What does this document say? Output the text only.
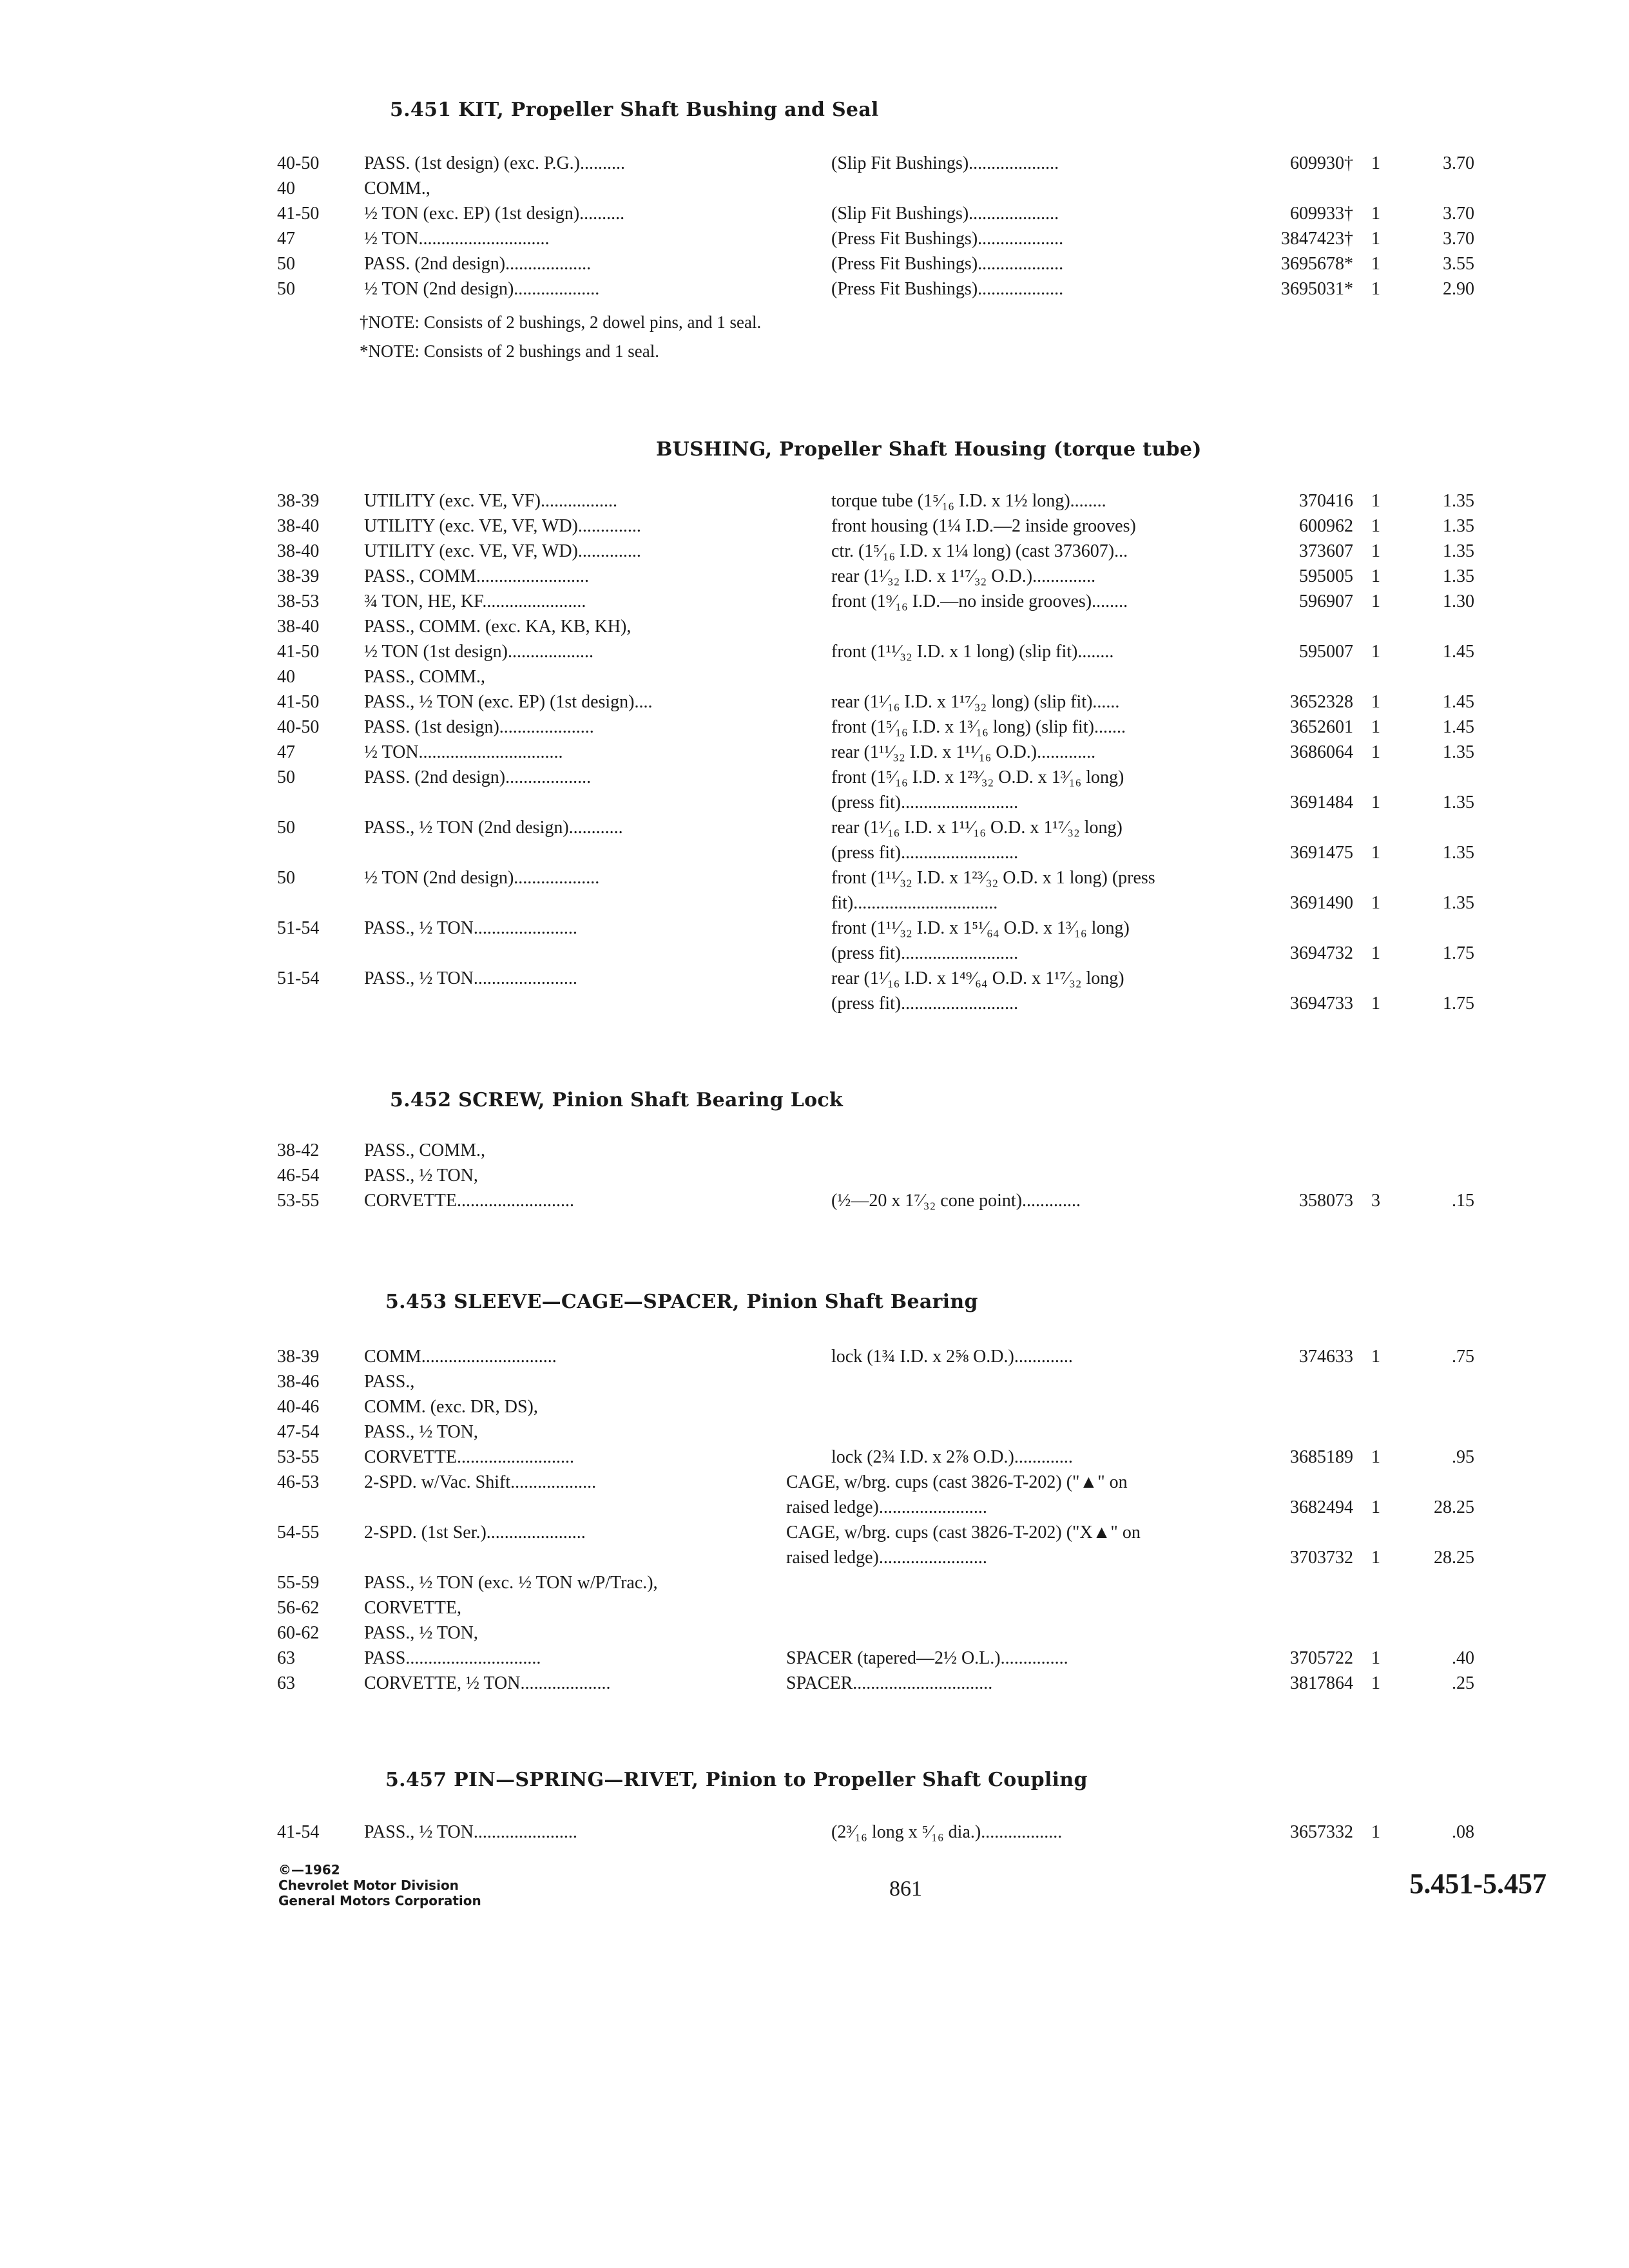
5.451 KIT, Propeller Shaft Bushing and Seal
40-50 PASS. (1st design) (exc. P.G.)..........	(Slip Fit Bushings)....................	609930† 1	3.70
40	COMM.,
41-50 ½ TON (exc. EP) (1st design)..........	(Slip Fit Bushings)....................	609933† 1	3.70
47	½ TON.............................	(Press Fit Bushings)...................	3847423† 1	3.70
50	PASS. (2nd design)...................	(Press Fit Bushings)...................	3695678* 1	3.55
50	½ TON (2nd design)...................	(Press Fit Bushings)...................	3695031* 1	2.90
†NOTE: Consists of 2 bushings, 2 dowel pins, and 1 seal.
*NOTE: Consists of 2 bushings and 1 seal.
BUSHING, Propeller Shaft Housing (torque tube)
38-39 UTILITY (exc. VE, VF).................	torque tube (1⁵⁄₁₆ I.D. x 1½ long)........	370416 1	1.35
38-40 UTILITY (exc. VE, VF, WD)..............	front housing (1¼ I.D.—2 inside grooves)	600962 1	1.35
38-40 UTILITY (exc. VE, VF, WD)..............	ctr. (1⁵⁄₁₆ I.D. x 1¼ long) (cast 373607)...	373607 1	1.35
38-39 PASS., COMM.........................	rear (1¹⁄₃₂ I.D. x 1¹⁷⁄₃₂ O.D.)..............	595005 1	1.35
38-53 ¾ TON, HE, KF.......................	front (1⁹⁄₁₆ I.D.—no inside grooves)........	596907 1	1.30
38-40 PASS., COMM. (exc. KA, KB, KH),
41-50 ½ TON (1st design)...................	front (1¹¹⁄₃₂ I.D. x 1 long) (slip fit)........	595007 1	1.45
40	PASS., COMM.,
41-50 PASS., ½ TON (exc. EP) (1st design)....	rear (1¹⁄₁₆ I.D. x 1¹⁷⁄₃₂ long) (slip fit)......	3652328 1	1.45
40-50 PASS. (1st design).....................	front (1⁵⁄₁₆ I.D. x 1³⁄₁₆ long) (slip fit).......	3652601 1	1.45
47	½ TON................................	rear (1¹¹⁄₃₂ I.D. x 1¹¹⁄₁₆ O.D.).............	3686064 1	1.35
50	PASS. (2nd design)...................	front (1⁵⁄₁₆ I.D. x 1²³⁄₃₂ O.D. x 1³⁄₁₆ long)
(press fit)..........................	3691484 1	1.35
50	PASS., ½ TON (2nd design)............	rear (1¹⁄₁₆ I.D. x 1¹¹⁄₁₆ O.D. x 1¹⁷⁄₃₂ long)
(press fit)..........................	3691475 1	1.35
50	½ TON (2nd design)...................	front (1¹¹⁄₃₂ I.D. x 1²³⁄₃₂ O.D. x 1 long) (press
fit)................................	3691490 1	1.35
51-54 PASS., ½ TON.......................	front (1¹¹⁄₃₂ I.D. x 1⁵¹⁄₆₄ O.D. x 1³⁄₁₆ long)
(press fit)..........................	3694732 1	1.75
51-54 PASS., ½ TON.......................	rear (1¹⁄₁₆ I.D. x 1⁴⁹⁄₆₄ O.D. x 1¹⁷⁄₃₂ long)
(press fit)..........................	3694733 1	1.75
5.452 SCREW, Pinion Shaft Bearing Lock
38-42 PASS., COMM.,
46-54 PASS., ½ TON,
53-55 CORVETTE..........................	(½—20 x 1⁷⁄₃₂ cone point).............	358073 3	.15
5.453 SLEEVE—CAGE—SPACER, Pinion Shaft Bearing
38-39 COMM..............................	lock (1¾ I.D. x 2⅝ O.D.).............	374633 1	.75
38-46 PASS.,
40-46 COMM. (exc. DR, DS),
47-54 PASS., ½ TON,
53-55 CORVETTE..........................	lock (2¾ I.D. x 2⅞ O.D.).............	3685189 1	.95
46-53 2-SPD. w/Vac. Shift...................	CAGE, w/brg. cups (cast 3826-T-202) ("▲" on
raised ledge)........................	3682494 1	28.25
54-55 2-SPD. (1st Ser.)......................	CAGE, w/brg. cups (cast 3826-T-202) ("X▲" on
raised ledge)........................	3703732 1	28.25
55-59 PASS., ½ TON (exc. ½ TON w/P/Trac.),
56-62 CORVETTE,
60-62 PASS., ½ TON,
63	PASS..............................	SPACER (tapered—2½ O.L.)...............	3705722 1	.40
63	CORVETTE, ½ TON....................	SPACER...............................	3817864 1	.25
5.457 PIN—SPRING—RIVET, Pinion to Propeller Shaft Coupling
41-54 PASS., ½ TON.......................	(2³⁄₁₆ long x ⁵⁄₁₆ dia.)..................	3657332 1	.08
©—1962
Chevrolet Motor Division
General Motors Corporation	861	5.451-5.457
